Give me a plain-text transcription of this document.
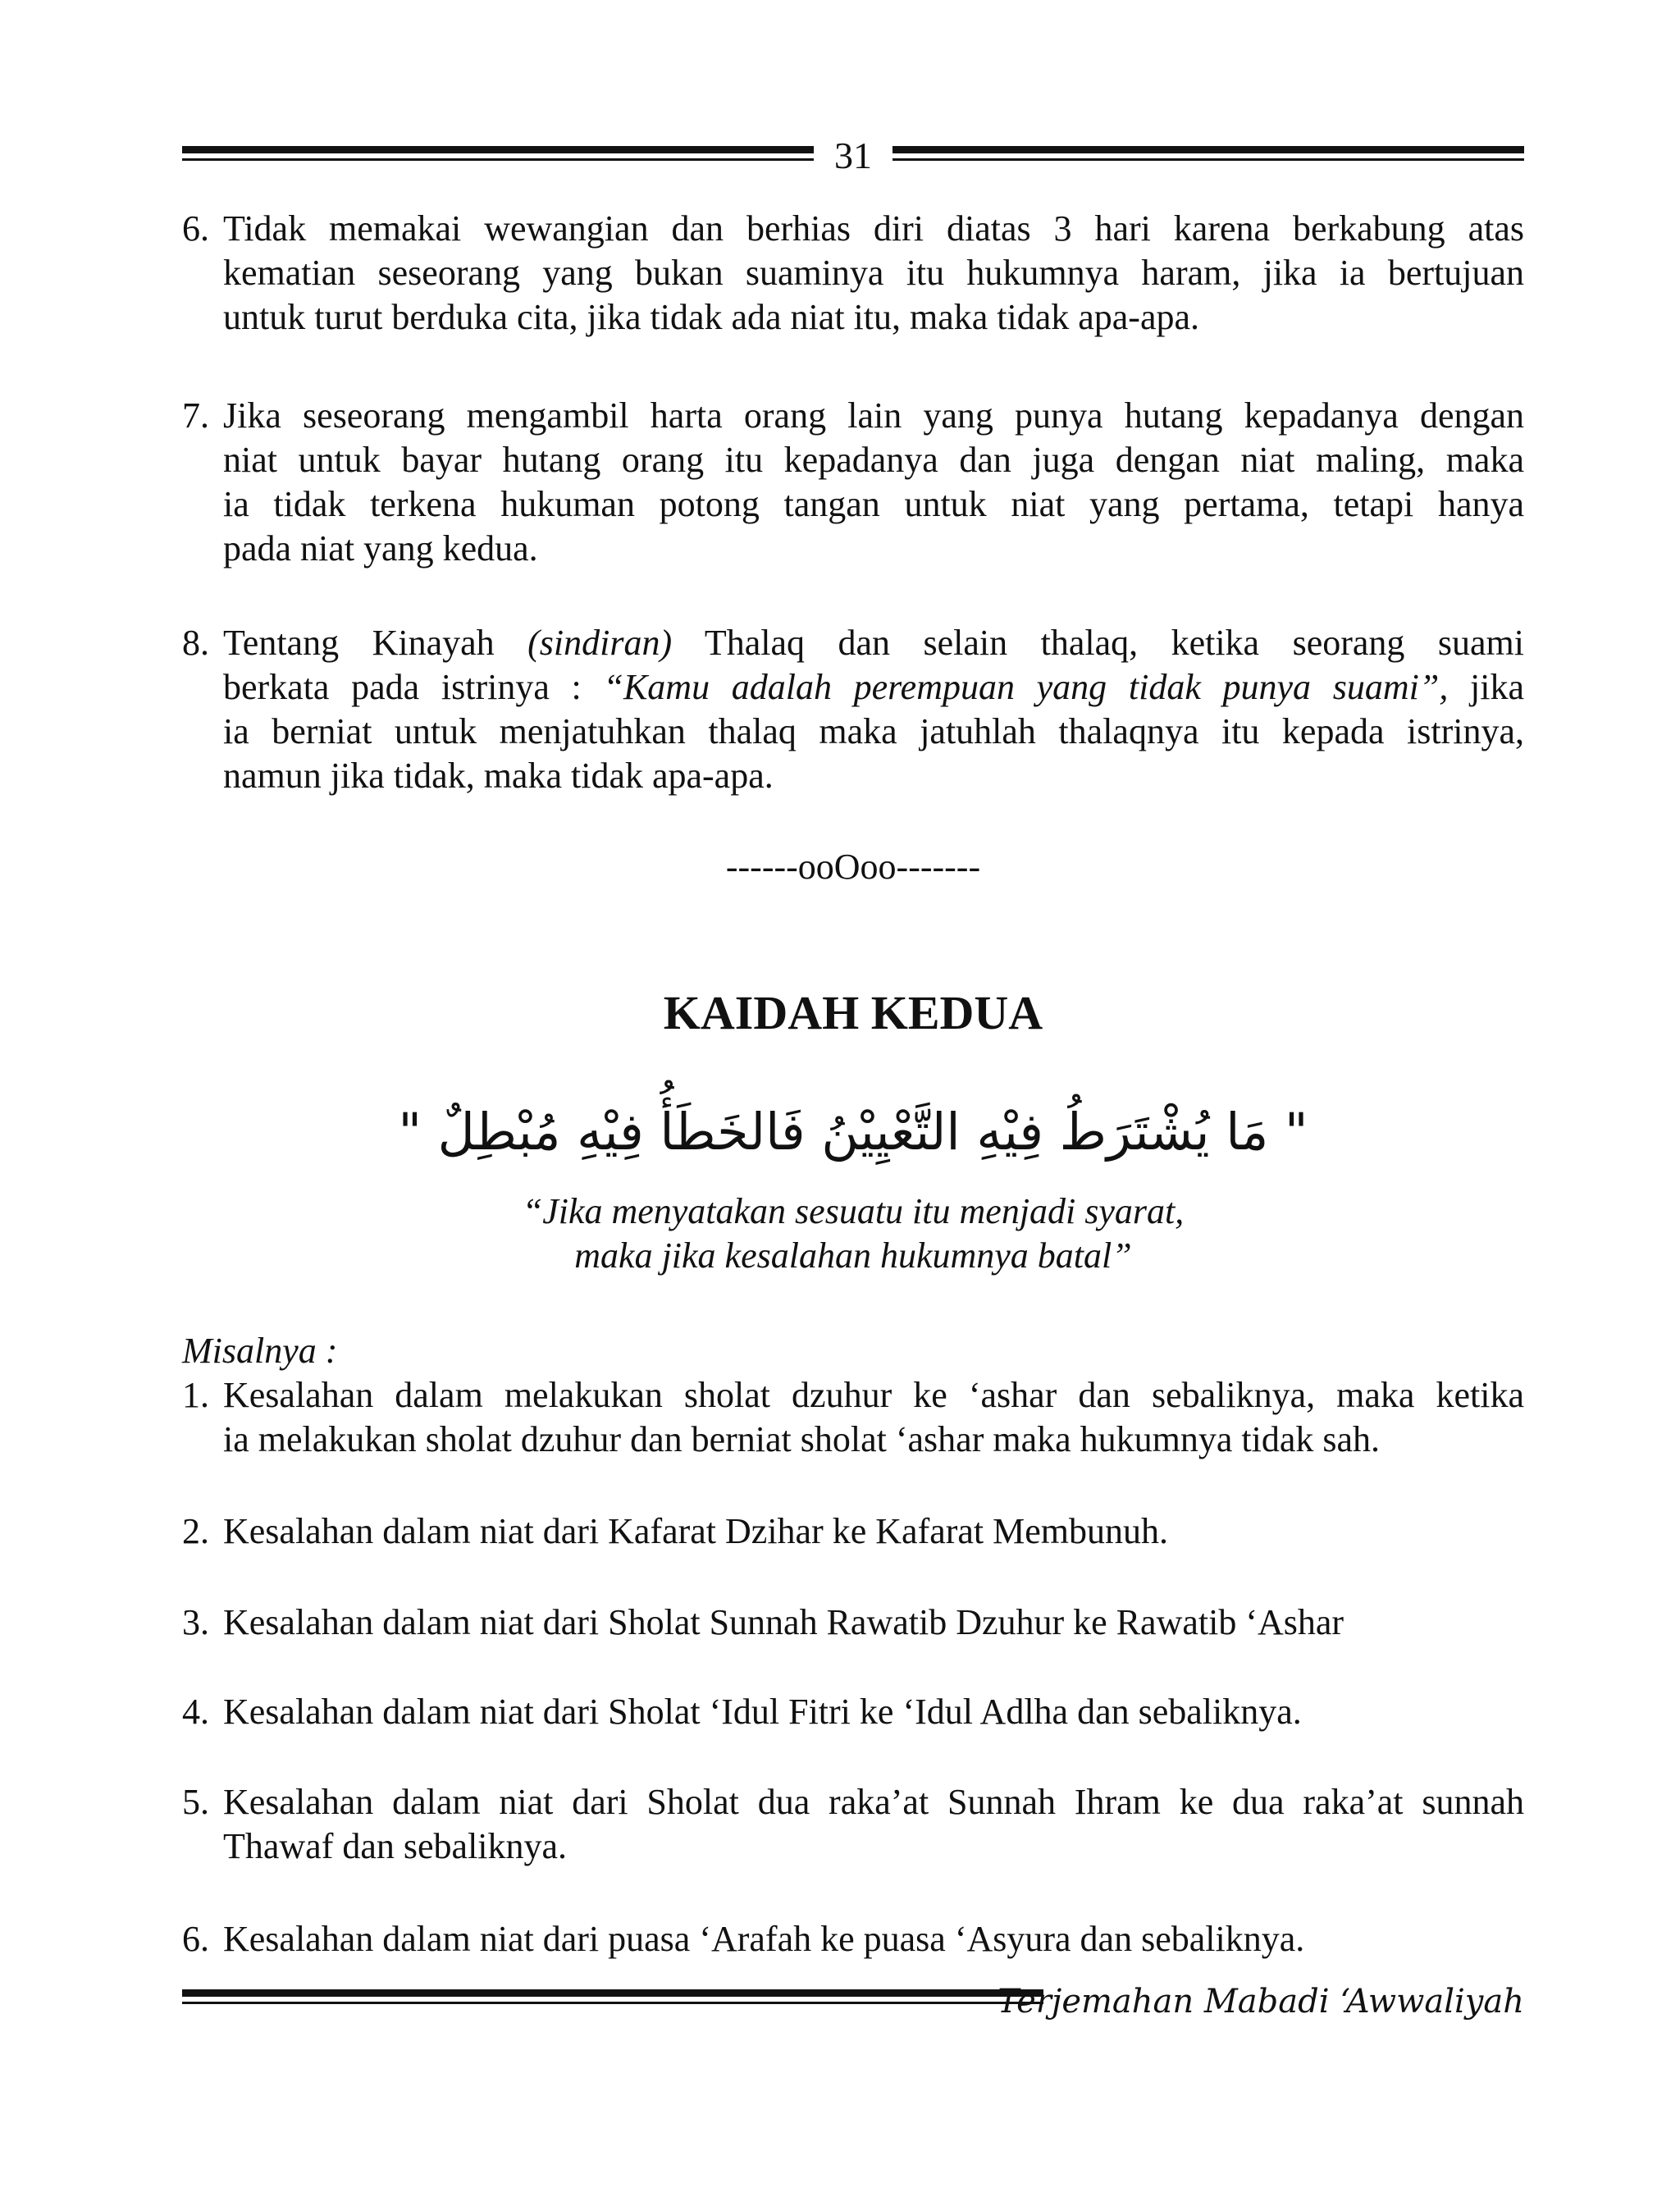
31
6. Tidak memakai wewangian dan berhias diri diatas 3 hari karena berkabung atas
kematian seseorang yang bukan suaminya itu hukumnya haram, jika ia bertujuan
untuk turut berduka cita, jika tidak ada niat itu, maka tidak apa-apa.
7. Jika seseorang mengambil harta orang lain yang punya hutang kepadanya dengan
niat untuk bayar hutang orang itu kepadanya dan juga dengan niat maling, maka
ia tidak terkena hukuman potong tangan untuk niat yang pertama, tetapi hanya
pada niat yang kedua.
8. Tentang Kinayah (sindiran) Thalaq dan selain thalaq, ketika seorang suami
berkata pada istrinya : “Kamu adalah perempuan yang tidak punya suami”, jika
ia berniat untuk menjatuhkan thalaq maka jatuhlah thalaqnya itu kepada istrinya,
namun jika tidak, maka tidak apa-apa.
------ooOoo-------
KAIDAH KEDUA
" مَا يُشْتَرَطُ فِيْهِ التَّعْيِيْنُ فَالخَطَأُ فِيْهِ مُبْطِلٌ "
“Jika menyatakan sesuatu itu menjadi syarat,
maka jika kesalahan hukumnya batal”
Misalnya :
1. Kesalahan dalam melakukan sholat dzuhur ke ‘ashar dan sebaliknya, maka ketika
ia melakukan sholat dzuhur dan berniat sholat ‘ashar maka hukumnya tidak sah.
2. Kesalahan dalam niat dari Kafarat Dzihar ke Kafarat Membunuh.
3. Kesalahan dalam niat dari Sholat Sunnah Rawatib Dzuhur ke Rawatib ‘Ashar
4. Kesalahan dalam niat dari Sholat ‘Idul Fitri ke ‘Idul Adlha dan sebaliknya.
5. Kesalahan dalam niat dari Sholat dua raka’at Sunnah Ihram ke dua raka’at sunnah
Thawaf dan sebaliknya.
6. Kesalahan dalam niat dari puasa ‘Arafah ke puasa ‘Asyura dan sebaliknya.
Terjemahan Mabadi ‘Awwaliyah
